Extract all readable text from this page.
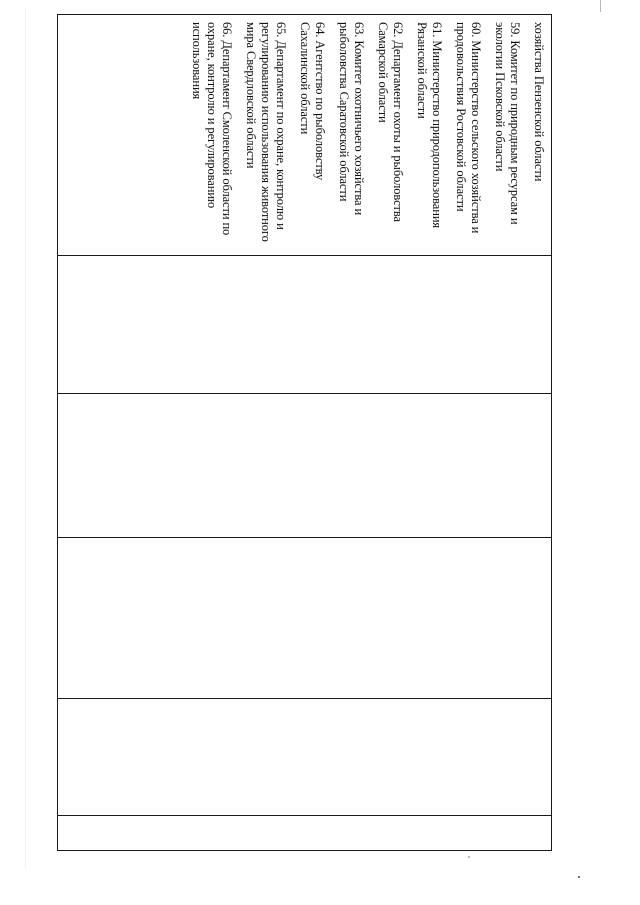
хозяйства Пензенской области

59. Комитет по природным ресурсам и экологии Псковской области

60. Министерство сельского хозяйства и продовольствия Ростовской области

61. Министерство природопользования Рязанской области

62. Департамент охоты и рыболовства Самарской области

63. Комитет охотничьего хозяйства и рыболовства Саратовской области

64. Агентство по рыболовству Сахалинской области

65. Департамент по охране, контролю и регулированию использования животного мира Свердловской области

66. Департамент Смоленской области по охране, контролю и регулированию использования
